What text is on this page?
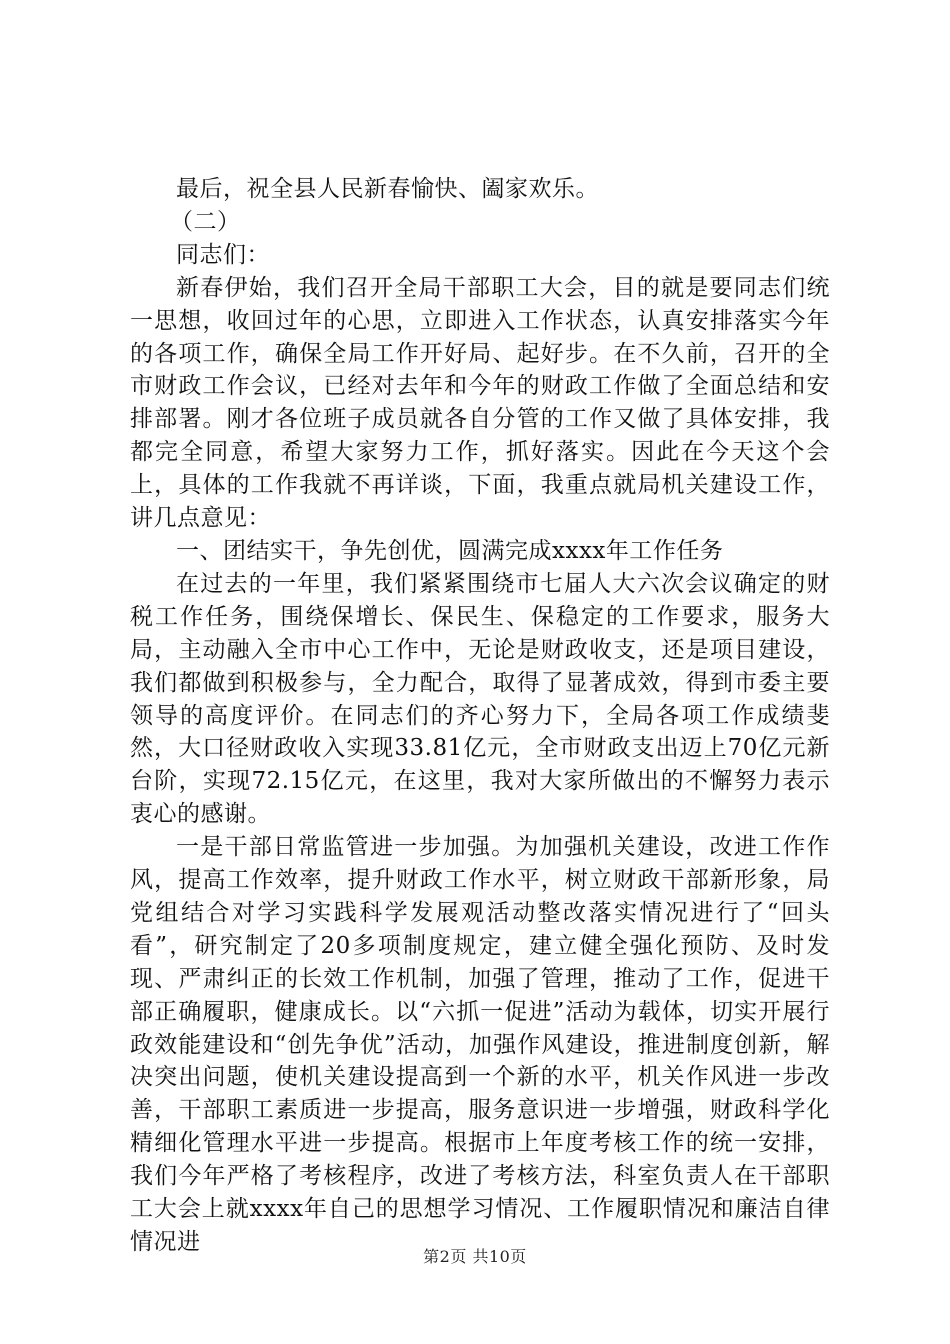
最后，祝全县人民新春愉快、阖家欢乐。

（二）

同志们：

新春伊始，我们召开全局干部职工大会，目的就是要同志们统一思想，收回过年的心思，立即进入工作状态，认真安排落实今年的各项工作，确保全局工作开好局、起好步。在不久前，召开的全市财政工作会议，已经对去年和今年的财政工作做了全面总结和安排部署。刚才各位班子成员就各自分管的工作又做了具体安排，我都完全同意，希望大家努力工作，抓好落实。因此在今天这个会上，具体的工作我就不再详谈，下面，我重点就局机关建设工作，讲几点意见：

一、团结实干，争先创优，圆满完成xxxx年工作任务

在过去的一年里，我们紧紧围绕市七届人大六次会议确定的财税工作任务，围绕保增长、保民生、保稳定的工作要求，服务大局，主动融入全市中心工作中，无论是财政收支，还是项目建设，我们都做到积极参与，全力配合，取得了显著成效，得到市委主要领导的高度评价。在同志们的齐心努力下，全局各项工作成绩斐然，大口径财政收入实现33.81亿元，全市财政支出迈上70亿元新台阶，实现72.15亿元，在这里，我对大家所做出的不懈努力表示衷心的感谢。

一是干部日常监管进一步加强。为加强机关建设，改进工作作风，提高工作效率，提升财政工作水平，树立财政干部新形象，局党组结合对学习实践科学发展观活动整改落实情况进行了“回头看”，研究制定了20多项制度规定，建立健全强化预防、及时发现、严肃纠正的长效工作机制，加强了管理，推动了工作，促进干部正确履职，健康成长。以“六抓一促进”活动为载体，切实开展行政效能建设和“创先争优”活动，加强作风建设，推进制度创新，解决突出问题，使机关建设提高到一个新的水平，机关作风进一步改善，干部职工素质进一步提高，服务意识进一步增强，财政科学化精细化管理水平进一步提高。根据市上年度考核工作的统一安排，我们今年严格了考核程序，改进了考核方法，科室负责人在干部职工大会上就xxxx年自己的思想学习情况、工作履职情况和廉洁自律情况进

第2页 共10页
